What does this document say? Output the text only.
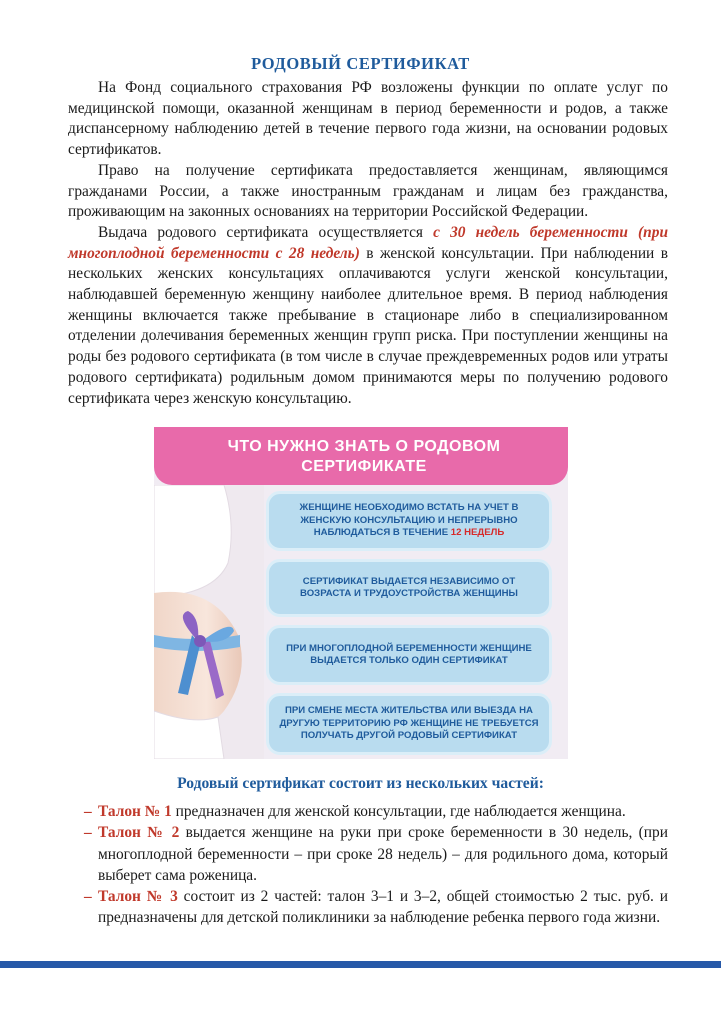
РОДОВЫЙ СЕРТИФИКАТ

На Фонд социального страхования РФ возложены функции по оплате услуг по медицинской помощи, оказанной женщинам в период беременности и родов, а также диспансерному наблюдению детей в течение первого года жизни, на основании родовых сертификатов.

Право на получение сертификата предоставляется женщинам, являющимся гражданами России, а также иностранным гражданам и лицам без гражданства, проживающим на законных основаниях на территории Российской Федерации.

Выдача родового сертификата осуществляется с 30 недель беременности (при многоплодной беременности с 28 недель) в женской консультации. При наблюдении в нескольких женских консультациях оплачиваются услуги женской консультации, наблюдавшей беременную женщину наиболее длительное время. В период наблюдения женщины включается также пребывание в стационаре либо в специализированном отделении долечивания беременных женщин групп риска. При поступлении женщины на роды без родового сертификата (в том числе в случае преждевременных родов или утраты родового сертификата) родильным домом принимаются меры по получению родового сертификата через женскую консультацию.

ЧТО НУЖНО ЗНАТЬ О РОДОВОМ СЕРТИФИКАТЕ
ЖЕНЩИНЕ НЕОБХОДИМО ВСТАТЬ НА УЧЕТ В ЖЕНСКУЮ КОНСУЛЬТАЦИЮ И НЕПРЕРЫВНО НАБЛЮДАТЬСЯ В ТЕЧЕНИЕ 12 НЕДЕЛЬ
СЕРТИФИКАТ ВЫДАЕТСЯ НЕЗАВИСИМО ОТ ВОЗРАСТА И ТРУДОУСТРОЙСТВА ЖЕНЩИНЫ
ПРИ МНОГОПЛОДНОЙ БЕРЕМЕННОСТИ ЖЕНЩИНЕ ВЫДАЕТСЯ ТОЛЬКО ОДИН СЕРТИФИКАТ
ПРИ СМЕНЕ МЕСТА ЖИТЕЛЬСТВА ИЛИ ВЫЕЗДА НА ДРУГУЮ ТЕРРИТОРИЮ РФ ЖЕНЩИНЕ НЕ ТРЕБУЕТСЯ ПОЛУЧАТЬ ДРУГОЙ РОДОВЫЙ СЕРТИФИКАТ
Родовый сертификат состоит из нескольких частей:

– Талон № 1 предназначен для женской консультации, где наблюдается женщина.

– Талон № 2 выдается женщине на руки при сроке беременности в 30 недель, (при многоплодной беременности – при сроке 28 недель) – для родильного дома, который выберет сама роженица.

– Талон № 3 состоит из 2 частей: талон 3–1 и 3–2, общей стоимостью 2 тыс. руб. и предназначены для детской поликлиники за наблюдение ребенка первого года жизни.
